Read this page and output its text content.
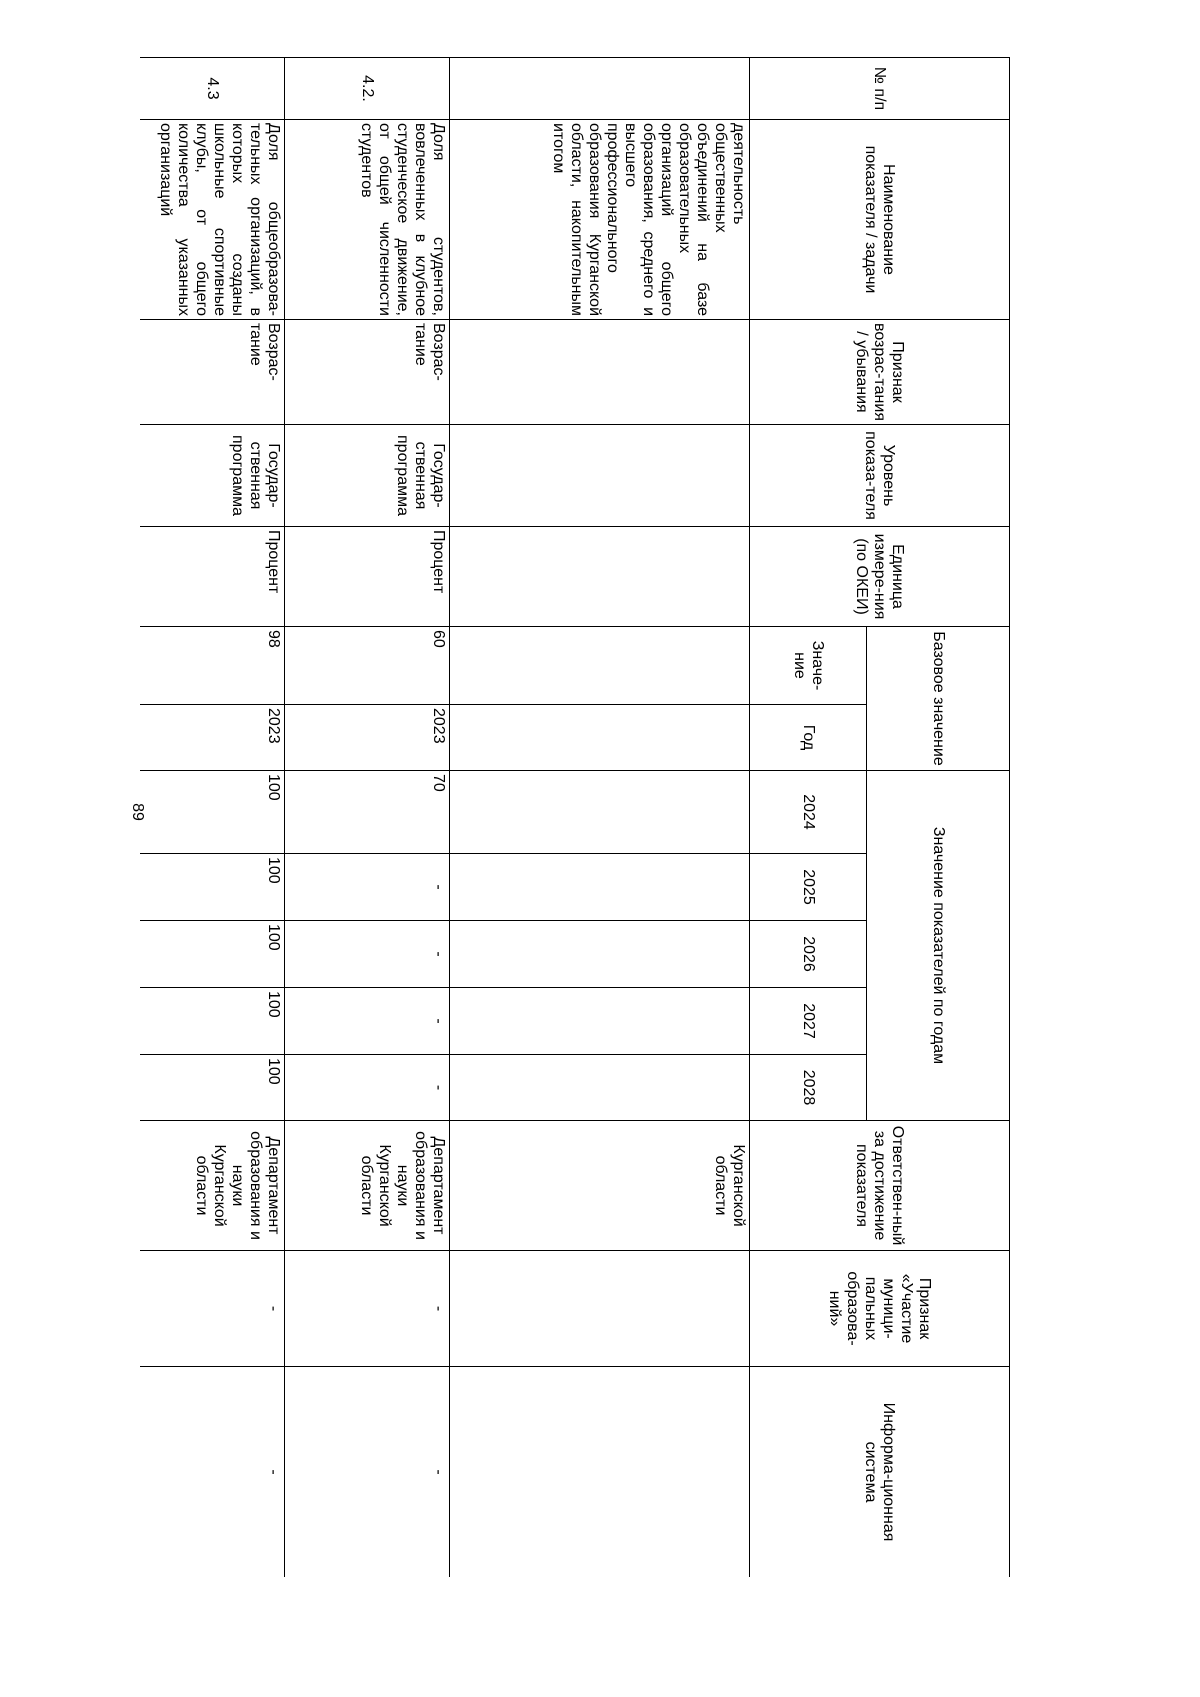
89
№ п/п	Наименование показателя / задачи	Признак возрас-тания / убывания	Уровень показа-теля	Единица измере-ния (по ОКЕИ)	Базовое значение		Значение показателей по годам					Ответствен-ный за достижение показателя	Признак «Участие муници-пальных образова-ний»	Информа-ционная система
					Значе-ние	Год	2024	2025	2026	2027	2028			
	деятельность общественных объединений на базе образовательных организаций общего образования, среднего и высшего профессионального образования Курганской области, накопительным итогом											Курганской области		
4.2.	Доля студентов, вовлеченных в клубное студенческое движение, от общей численности студентов	Возрас-тание	Государ-ственная программа	Процент	60	2023	70	-	-	-	-	Департамент образования и науки Курганской области	-	-
4.3	Доля общеобразова-тельных организаций, в которых созданы школьные спортивные клубы, от общего количества указанных организаций	Возрас-тание	Государ-ственная программа	Процент	98	2023	100	100	100	100	100	Департамент образования и науки Курганской области	-	-
